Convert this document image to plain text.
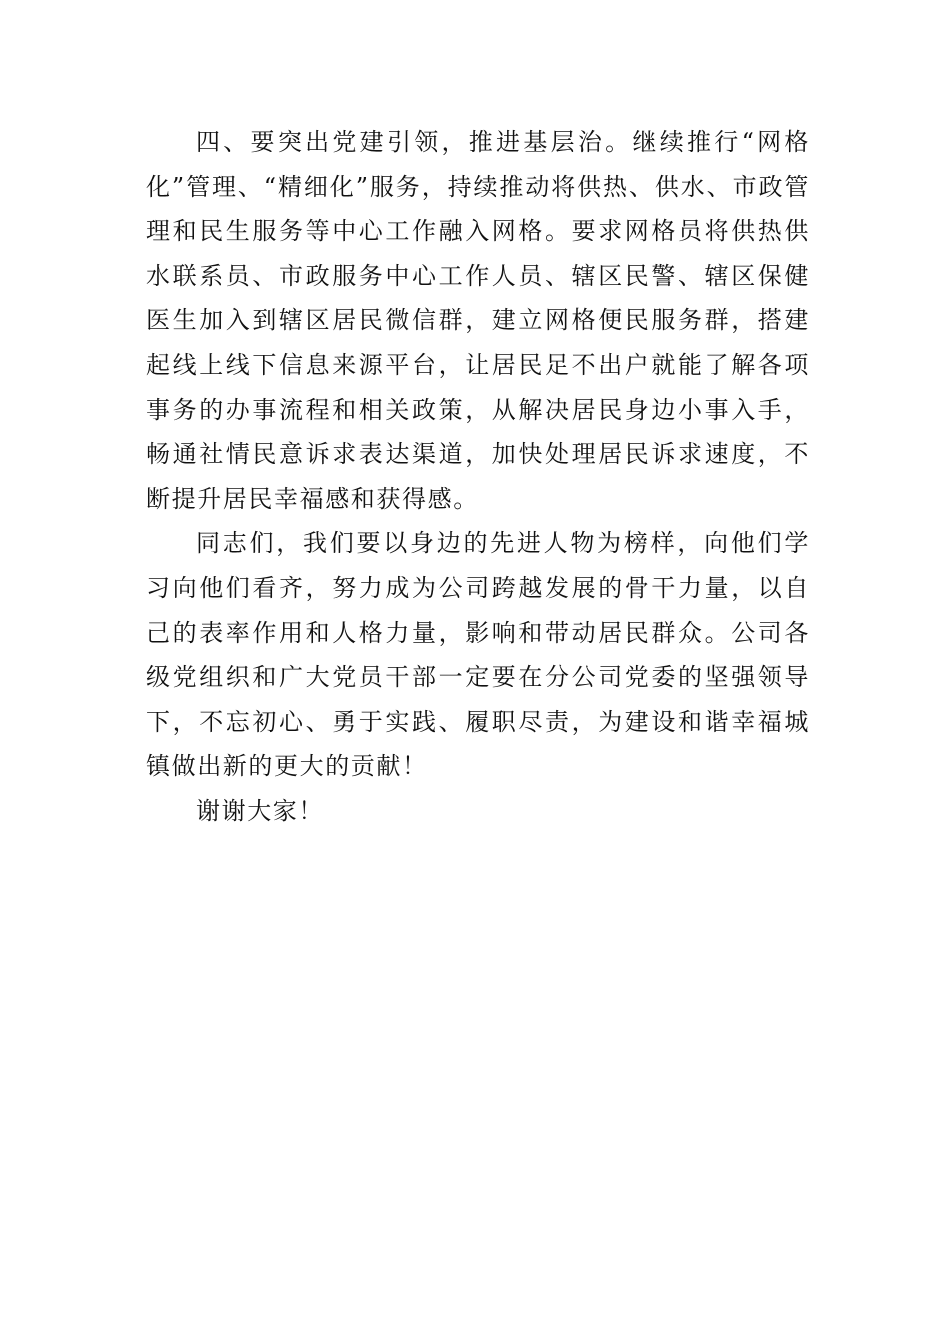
四、要突出党建引领，推进基层治。继续推行“网格化”管理、“精细化”服务，持续推动将供热、供水、市政管理和民生服务等中心工作融入网格。要求网格员将供热供水联系员、市政服务中心工作人员、辖区民警、辖区保健医生加入到辖区居民微信群，建立网格便民服务群，搭建起线上线下信息来源平台，让居民足不出户就能了解各项事务的办事流程和相关政策，从解决居民身边小事入手，畅通社情民意诉求表达渠道，加快处理居民诉求速度，不断提升居民幸福感和获得感。

同志们，我们要以身边的先进人物为榜样，向他们学习向他们看齐，努力成为公司跨越发展的骨干力量，以自己的表率作用和人格力量，影响和带动居民群众。公司各级党组织和广大党员干部一定要在分公司党委的坚强领导下，不忘初心、勇于实践、履职尽责，为建设和谐幸福城镇做出新的更大的贡献！

谢谢大家！
